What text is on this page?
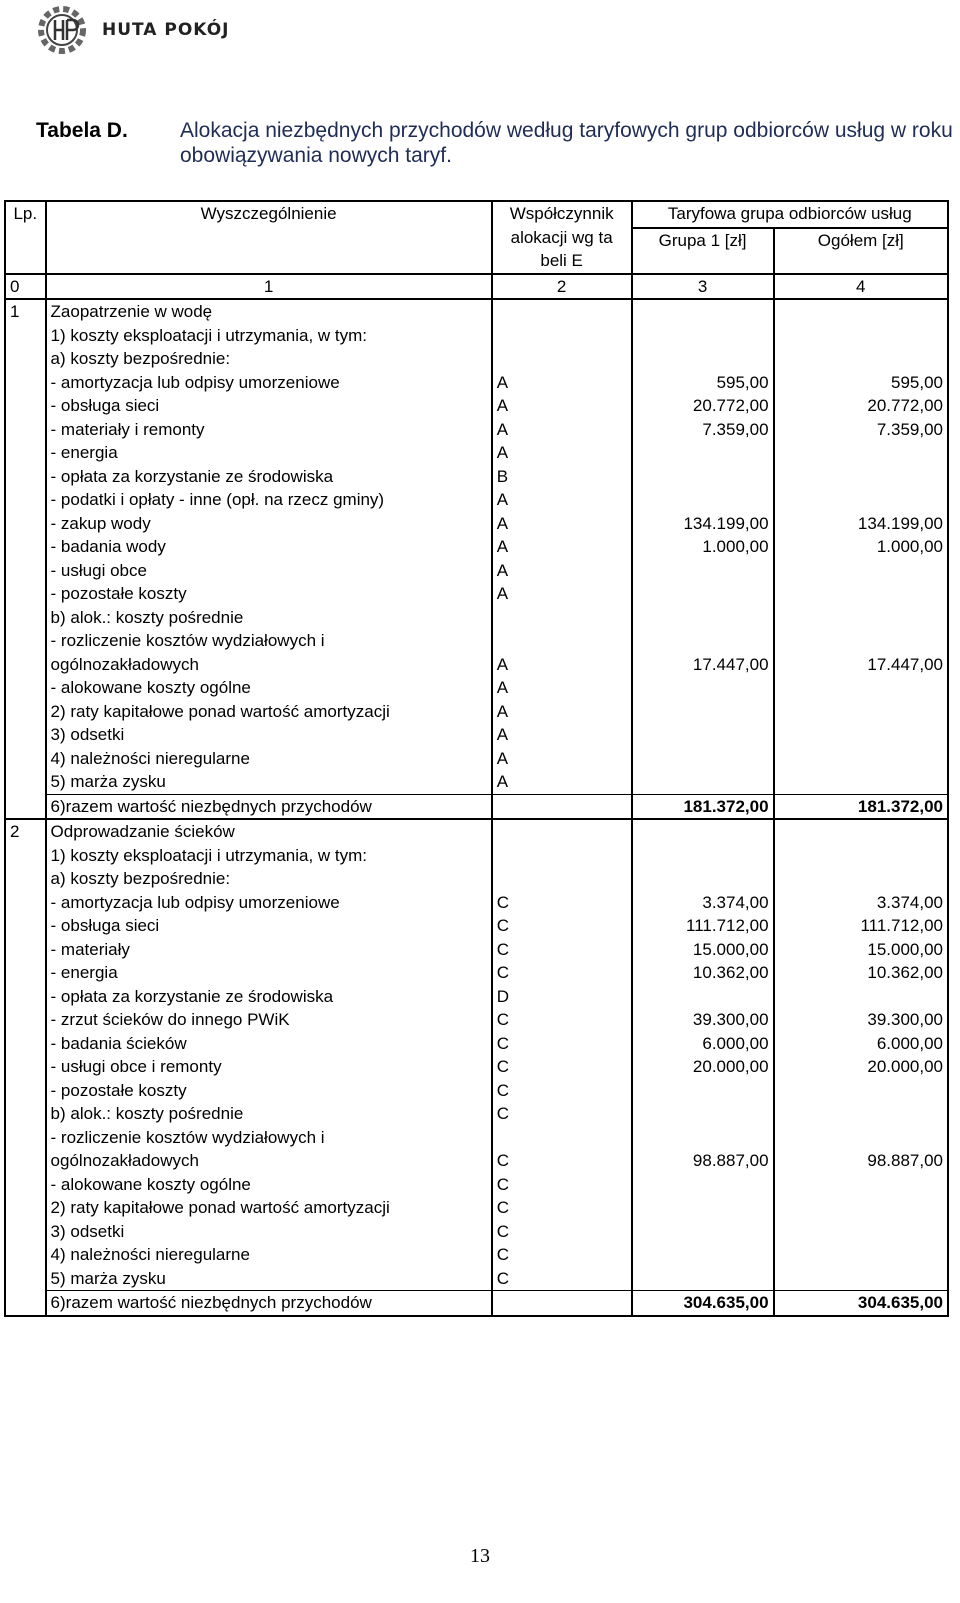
HUTA POKÓJ
Tabela D. Alokacja niezbędnych przychodów według taryfowych grup odbiorców usług w roku obowiązywania nowych taryf.
Lp.	Wyszczególnienie	Współczynnik alokacji wg tabeli E	Taryfowa grupa odbiorców usług	
			Grupa 1 [zł]	Ogółem [zł]
0	1	2	3	4
1	Zaopatrzenie w wodę			
	1) koszty eksploatacji i utrzymania, w tym:			
	a) koszty bezpośrednie:			
	- amortyzacja lub odpisy umorzeniowe	A	595,00	595,00
	- obsługa sieci	A	20.772,00	20.772,00
	- materiały i remonty	A	7.359,00	7.359,00
	- energia	A		
	- opłata za korzystanie ze środowiska	B		
	- podatki i opłaty - inne (opł. na rzecz gminy)	A		
	- zakup wody	A	134.199,00	134.199,00
	- badania wody	A	1.000,00	1.000,00
	- usługi obce	A		
	- pozostałe koszty	A		

	b) alok.: koszty pośrednie			
	- rozliczenie kosztów wydziałowych i			
	ogólnozakładowych	A	17.447,00	17.447,00
	- alokowane koszty ogólne	A		
	2) raty kapitałowe ponad wartość amortyzacji	A		
	3) odsetki	A		
	4) należności nieregularne	A		
	5) marża zysku	A		
	6)razem wartość niezbędnych przychodów		181.372,00	181.372,00
2	Odprowadzanie ścieków			
	1) koszty eksploatacji i utrzymania, w tym:			
	a) koszty bezpośrednie:			
	- amortyzacja lub odpisy umorzeniowe	C	3.374,00	3.374,00
	- obsługa sieci	C	111.712,00	111.712,00
	- materiały	C	15.000,00	15.000,00
	- energia	C	10.362,00	10.362,00
	- opłata za korzystanie ze środowiska	D		
	- zrzut ścieków do innego PWiK	C	39.300,00	39.300,00
	- badania ścieków	C	6.000,00	6.000,00
	- usługi obce i remonty	C	20.000,00	20.000,00
	- pozostałe koszty	C		

	b) alok.: koszty pośrednie	C		
	- rozliczenie kosztów wydziałowych i			
	ogólnozakładowych	C	98.887,00	98.887,00
	- alokowane koszty ogólne	C		
	2) raty kapitałowe ponad wartość amortyzacji	C		
	3) odsetki	C		
	4) należności nieregularne	C		
	5) marża zysku	C		
	6)razem wartość niezbędnych przychodów		304.635,00	304.635,00
13
